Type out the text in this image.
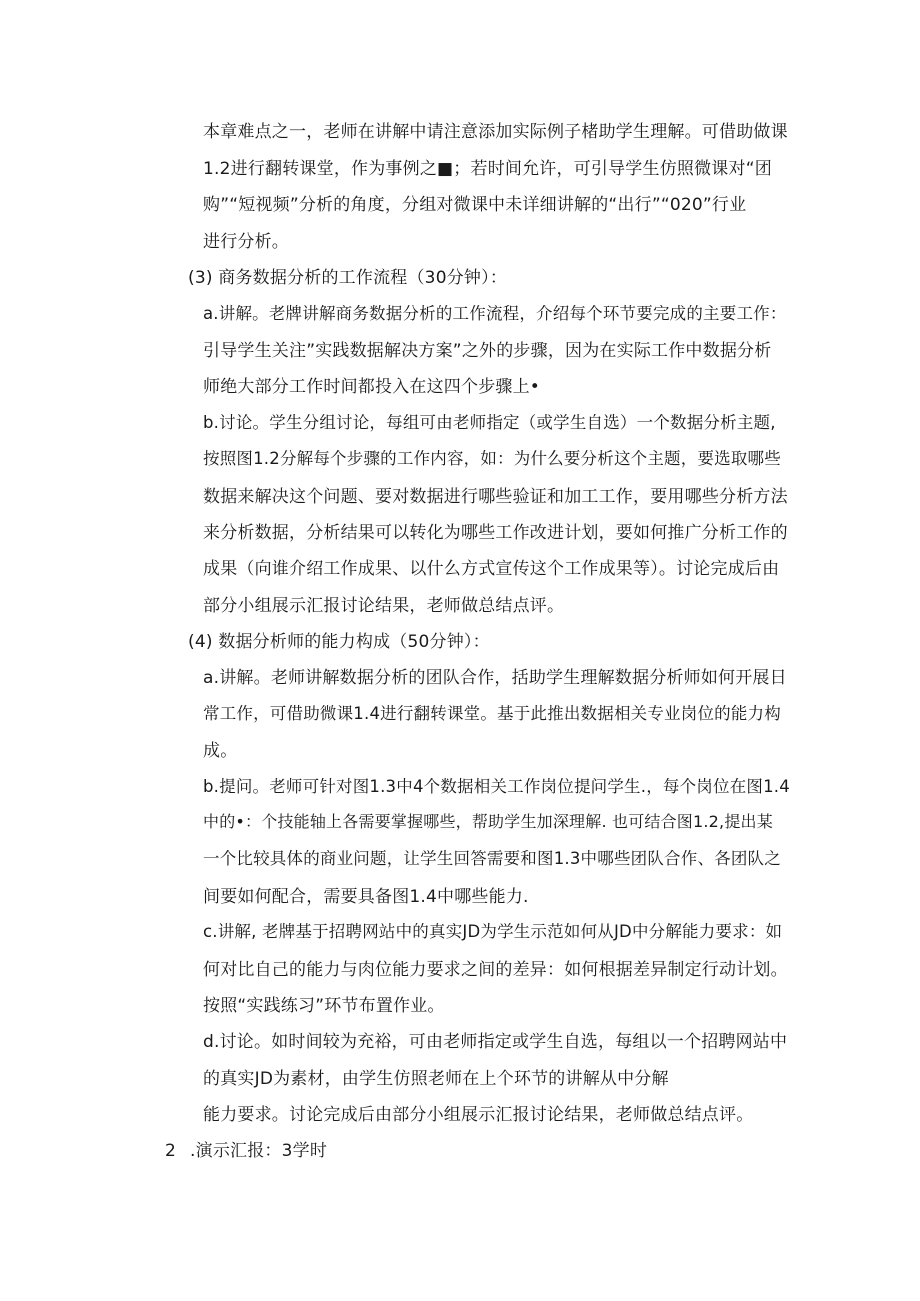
本章难点之一，老师在讲解中请注意添加实际例子楮助学生理解。可借助做课
1.2进行翻转课堂，作为事例之■；若时间允许，可引导学生仿照微课对“团
购”“短视频”分析的角度，分组对微课中未详细讲解的“出行”“020”行业
进行分析。
(3) 商务数据分析的工作流程（30分钟）：
a.讲解。老牌讲解商务数据分析的工作流程，介绍每个环节要完成的主要工作：
引导学生关注”实践数据解决方案”之外的步骤，因为在实际工作中数据分析
师绝大部分工作时间都投入在这四个步骤上•
b.讨论。学生分组讨论，每组可由老师指定（或学生自选）一个数据分析主题,
按照图1.2分解每个步骤的工作内容，如：为什么要分析这个主题，要选取哪些
数据来解决这个问题、要对数据进行哪些验证和加工工作，要用哪些分析方法
来分析数据，分析结果可以转化为哪些工作改进计划，要如何推广分析工作的
成果（向谁介绍工作成果、以什么方式宣传这个工作成果等）。讨论完成后由
部分小组展示汇报讨论结果，老师做总结点评。
(4) 数据分析师的能力构成（50分钟）：
a.讲解。老师讲解数据分析的团队合作，括助学生理解数据分析师如何开展日
常工作，可借助微课1.4进行翻转课堂。基于此推出数据相关专业岗位的能力构
成。
b.提问。老师可针对图1.3中4个数据相关工作岗位提问学生.，每个岗位在图1.4
中的•：个技能轴上各需要掌握哪些，帮助学生加深理解. 也可结合图1.2,提出某
一个比较具体的商业问题，让学生回答需要和图1.3中哪些团队合作、各团队之
间要如何配合，需要具备图1.4中哪些能力.
c.讲解, 老牌基于招聘网站中的真实JD为学生示范如何从JD中分解能力要求：如
何对比自己的能力与肉位能力要求之间的差异：如何根据差异制定行动计划。
按照“实践练习”环节布置作业。
d.讨论。如时间较为充裕，可由老师指定或学生自选，每组以一个招聘网站中
的真实JD为素材，由学生仿照老师在上个环节的讲解从中分解
能力要求。讨论完成后由部分小组展示汇报讨论结果，老师做总结点评。
2 .演示汇报：3学时
